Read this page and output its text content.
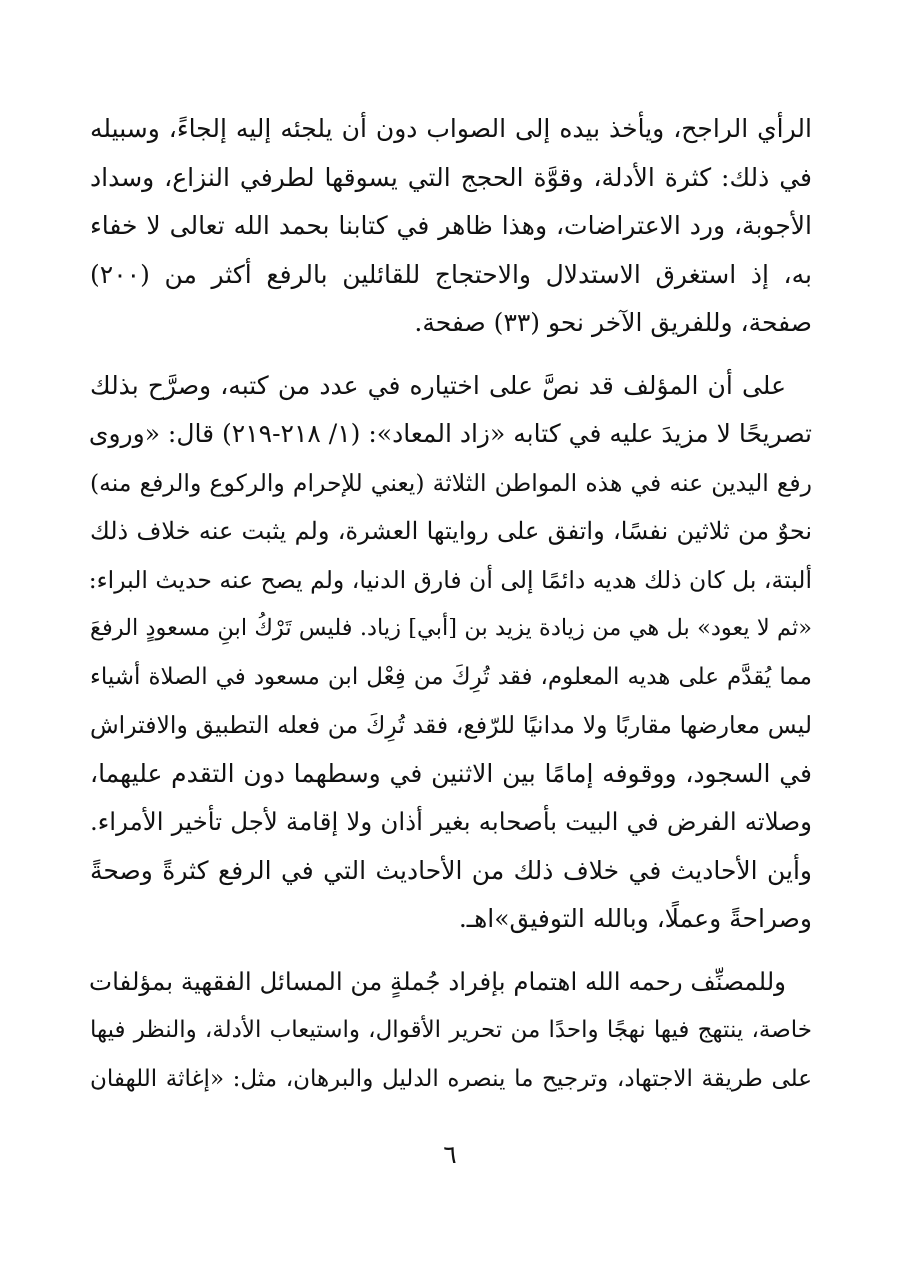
الرأي الراجح، ويأخذ بيده إلى الصواب دون أن يلجئه إليه إلجاءً، وسبيله
في ذلك: كثرة الأدلة، وقوَّة الحجج التي يسوقها لطرفي النزاع، وسداد
الأجوبة، ورد الاعتراضات، وهذا ظاهر في كتابنا بحمد الله تعالى لا خفاء
به، إذ استغرق الاستدلال والاحتجاج للقائلين بالرفع أكثر من (٢٠٠)
صفحة، وللفريق الآخر نحو (٣٣) صفحة.

على أن المؤلف قد نصَّ على اختياره في عدد من كتبه، وصرَّح بذلك
تصريحًا لا مزيدَ عليه في كتابه «زاد المعاد»: (١/ ٢١٨-٢١٩) قال: «وروى
رفع اليدين عنه في هذه المواطن الثلاثة (يعني للإحرام والركوع والرفع منه)
نحوٌ من ثلاثين نفسًا، واتفق على روايتها العشرة، ولم يثبت عنه خلاف ذلك
ألبتة، بل كان ذلك هديه دائمًا إلى أن فارق الدنيا، ولم يصح عنه حديث البراء:
«ثم لا يعود» بل هي من زيادة يزيد بن [أبي] زياد. فليس تَرْكُ ابنِ مسعودٍ الرفعَ
مما يُقدَّم على هديه المعلوم، فقد تُرِكَ من فِعْل ابن مسعود في الصلاة أشياء
ليس معارضها مقاربًا ولا مدانيًا للرّفع، فقد تُرِكَ من فعله التطبيق والافتراش
في السجود، ووقوفه إمامًا بين الاثنين في وسطهما دون التقدم عليهما،
وصلاته الفرض في البيت بأصحابه بغير أذان ولا إقامة لأجل تأخير الأمراء.
وأين الأحاديث في خلاف ذلك من الأحاديث التي في الرفع كثرةً وصحةً
وصراحةً وعملًا، وبالله التوفيق»اهـ.

وللمصنِّف رحمه الله اهتمام بإفراد جُملةٍ من المسائل الفقهية بمؤلفات
خاصة، ينتهج فيها نهجًا واحدًا من تحرير الأقوال، واستيعاب الأدلة، والنظر فيها
على طريقة الاجتهاد، وترجيح ما ينصره الدليل والبرهان، مثل: «إغاثة اللهفان

٦
